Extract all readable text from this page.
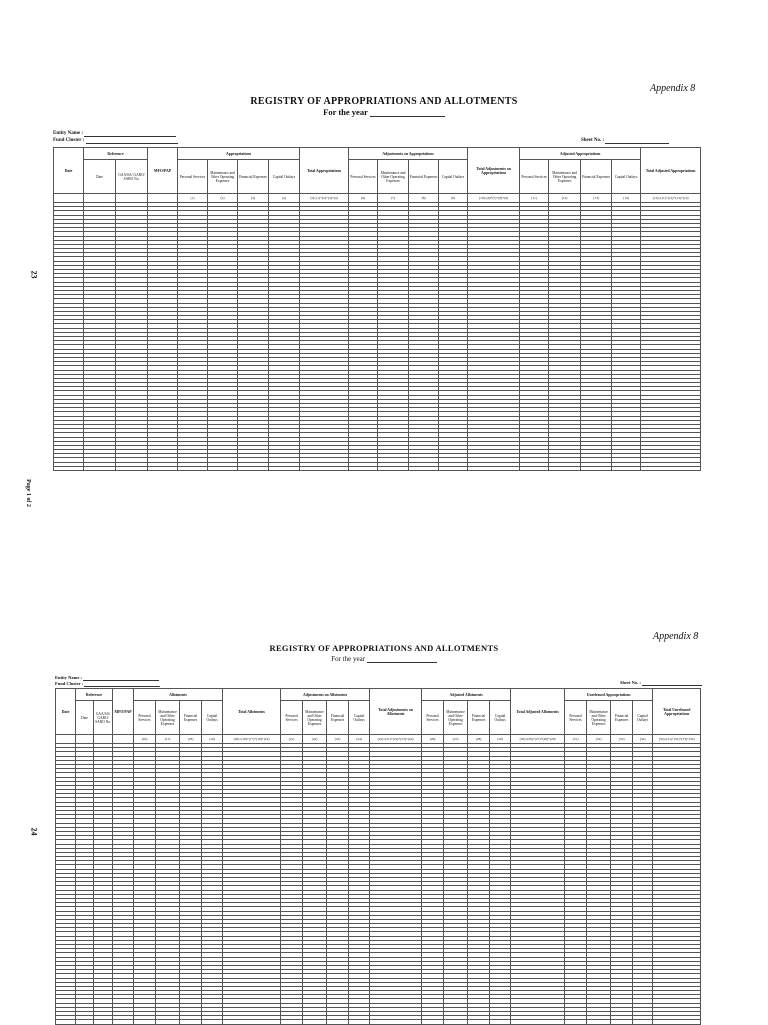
Appendix 8
REGISTRY OF APPROPRIATIONS AND ALLOTMENTS
For the year
Entity Name :
Fund Cluster :	Sheet No. :
23
Page 1 of 2
Date	Reference		MFO/PAP	Appropriations				Total Appropriations	Adjustments on Appropriations				Total Adjustments on Appropriations	Adjusted Appropriations				Total Adjusted Appropriations
	Date	GAA/SA/ GARO/ SARO No.		Personal Services	Maintenance and Other Operating Expenses	Financial Expenses	Capital Outlays		Personal Services	Maintenance and Other Operating Expenses	Financial Expenses	Capital Outlays		Personal Services	Maintenance and Other Operating Expenses	Financial Expenses	Capital Outlays	
				(1)	(2)	(3)	(4)	(5)=(1)+(2)+(3)+(4)	(6)	(7)	(8)	(9)	(10)=(6)+(7)+(8)+(9)	(11)	(12)	(13)	(14)	(15)=(11)+(12)+(13)+(14)

Appendix 8
REGISTRY OF APPROPRIATIONS AND ALLOTMENTS
For the year
Entity Name :
Fund Cluster :	Sheet No. :
24
Date	Reference		MFO/PAP	Allotments				Total Allotments	Adjustments on Allotments				Total Adjustments on Allotments	Adjusted Allotments				Total Adjusted Allotments	Unreleased Appropriations				Total Unreleased Appropriations
	Date	GAA/SA/ GARO/ SARO No.		Personal Services	Maintenance and Other Operating Expenses	Financial Expenses	Capital Outlays		Personal Services	Maintenance and Other Operating Expenses	Financial Expenses	Capital Outlays		Personal Services	Maintenance and Other Operating Expenses	Financial Expenses	Capital Outlays		Personal Services	Maintenance and Other Operating Expenses	Financial Expenses	Capital Outlays	
				(16)	(17)	(18)	(19)	(20)=(16)+(17)+(18)+(19)	(21)	(22)	(23)	(24)	(25)=(21)+(22)+(23)+(24)	(26)	(27)	(28)	(29)	(30)=(26)+(27)+(28)+(29)	(31)	(32)	(33)	(34)	(35)=(31)+(32)+(33)+(34)
